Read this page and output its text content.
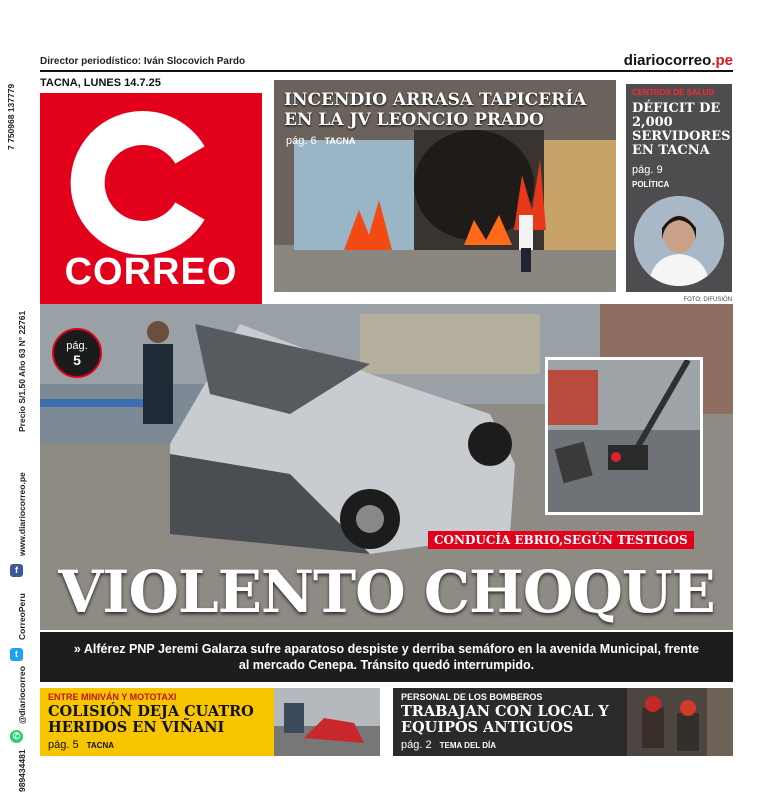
7 750968 137779
Precio S/1.50 Año 63 N° 22761
www.diariocorreo.pe
f
CorreoPeru
t
@diariocorreo
✆
989434481
Director periodístico: Iván Slocovich Pardo	diariocorreo.pe
TACNA, LUNES 14.7.25
CORREO
INCENDIO ARRASA TAPICERÍA EN LA JV LEONCIO PRADO
pág. 6 TACNA
CENTROS DE SALUD
DÉFICIT DE 2,000 SERVIDORES EN TACNA
pág. 9
POLÍTICA
FOTO: DIFUSIÓN
pág.
5
CONDUCÍA EBRIO,SEGÚN TESTIGOS
VIOLENTO CHOQUE
» Alférez PNP Jeremi Galarza sufre aparatoso despiste y derriba semáforo en la avenida Municipal, frente al mercado Cenepa. Tránsito quedó interrumpido.
ENTRE MINIVÁN Y MOTOTAXI
COLISIÓN DEJA CUATRO HERIDOS EN VIÑANI
pág. 5 TACNA
PERSONAL DE LOS BOMBEROS
TRABAJAN CON LOCAL Y EQUIPOS ANTIGUOS
pág. 2 TEMA DEL DÍA
